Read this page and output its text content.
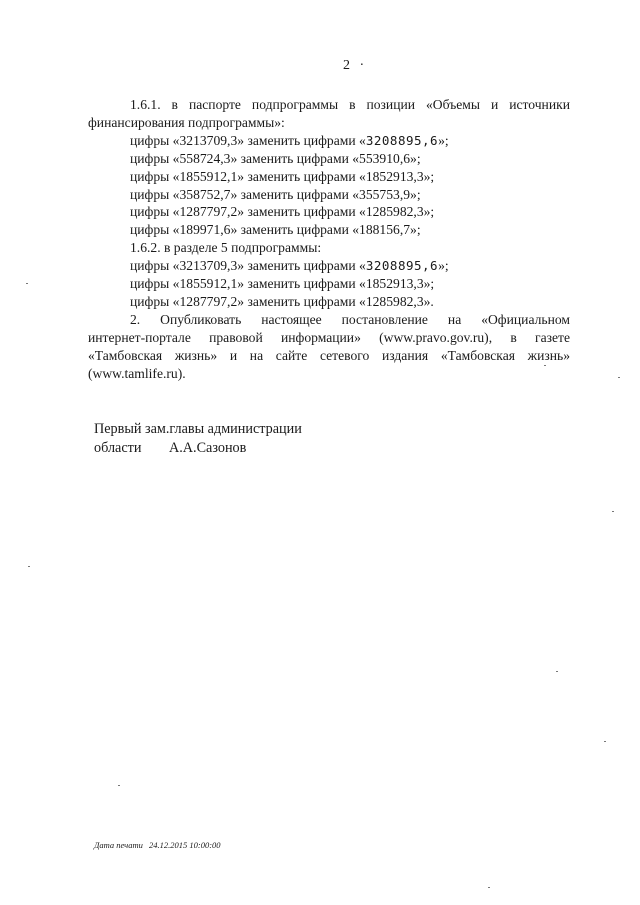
2 ·
1.6.1. в паспорте подпрограммы в позиции «Объемы и источники
финансирования подпрограммы»:
цифры «3213709,3» заменить цифрами «3208895,6»;
цифры «558724,3» заменить цифрами «553910,6»;
цифры «1855912,1» заменить цифрами «1852913,3»;
цифры «358752,7» заменить цифрами «355753,9»;
цифры «1287797,2» заменить цифрами «1285982,3»;
цифры «189971,6» заменить цифрами «188156,7»;
1.6.2. в разделе 5 подпрограммы:
цифры «3213709,3» заменить цифрами «3208895,6»;
цифры «1855912,1» заменить цифрами «1852913,3»;
цифры «1287797,2» заменить цифрами «1285982,3».
2. Опубликовать настоящее постановление на «Официальном
интернет-портале правовой информации» (www.pravo.gov.ru), в газете
«Тамбовская жизнь» и на сайте сетевого издания «Тамбовская жизнь»
(www.tamlife.ru).
Первый зам.главы администрации
области А.А.Сазонов
Дата печати 24.12.2015 10:00:00
